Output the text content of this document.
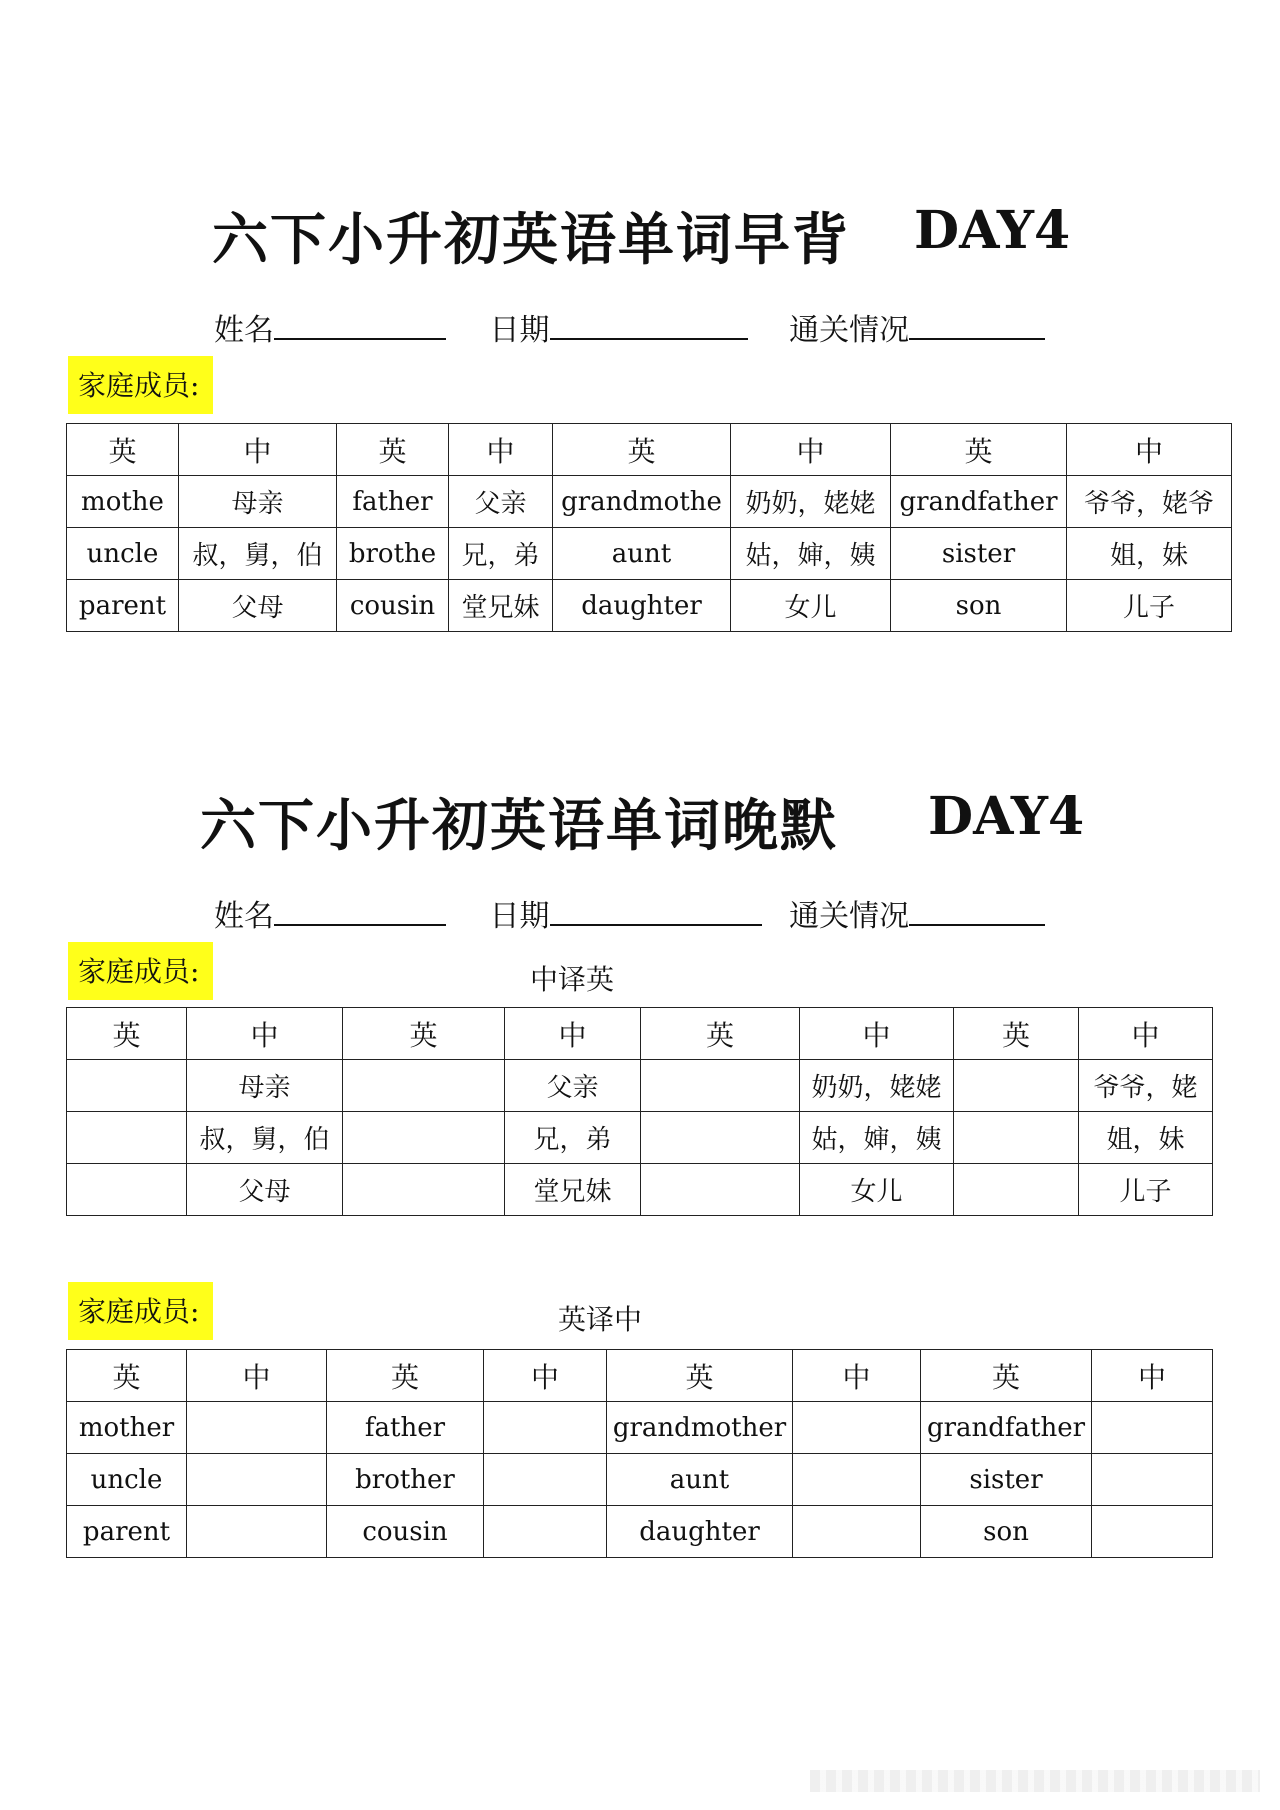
六下小升初英语单词早背 DAY4
姓名	日期	通关情况
家庭成员:
英	中	英	中	英	中	英	中
mothe	母亲	father	父亲	grandmothe	奶奶，姥姥	grandfather	爷爷，姥爷
uncle	叔，舅，伯	brothe	兄，弟	aunt	姑，婶，姨	sister	姐，妹
parent	父母	cousin	堂兄妹	daughter	女儿	son	儿子
六下小升初英语单词晚默 DAY4
姓名	日期	通关情况
家庭成员:	中译英
英	中	英	中	英	中	英	中
	母亲		父亲		奶奶，姥姥		爷爷，姥
	叔，舅，伯		兄，弟		姑，婶，姨		姐，妹
	父母		堂兄妹		女儿		儿子
家庭成员:	英译中
英	中	英	中	英	中	英	中
mother		father		grandmother		grandfather	
uncle		brother		aunt		sister	
parent		cousin		daughter		son	
